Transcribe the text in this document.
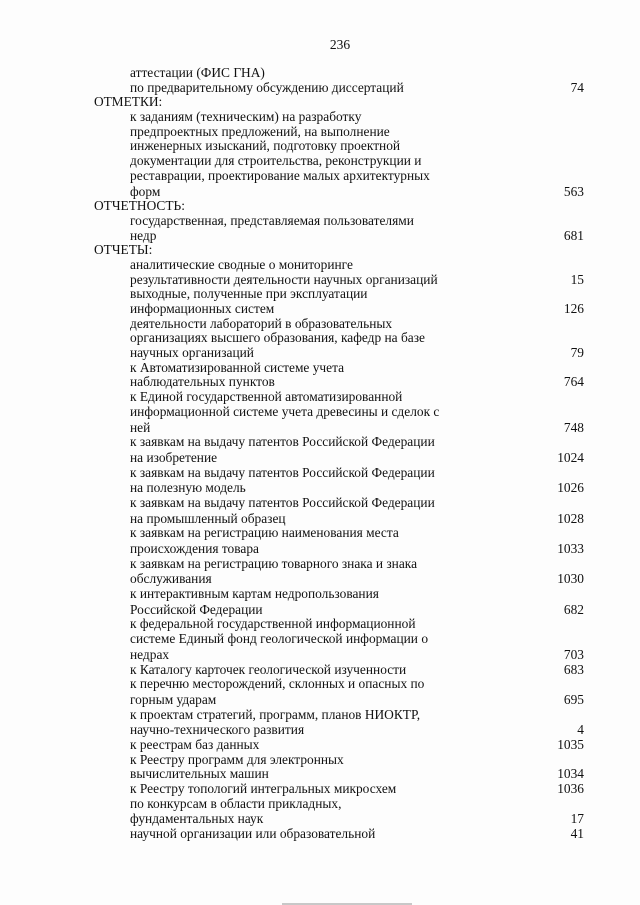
236
аттестации (ФИС ГНА)
по предварительному обсуждению диссертаций	74
ОТМЕТКИ:
к заданиям (техническим) на разработку
предпроектных предложений, на выполнение
инженерных изысканий, подготовку проектной
документации для строительства, реконструкции и
реставрации, проектирование малых архитектурных
форм	563
ОТЧЕТНОСТЬ:
государственная, представляемая пользователями
недр	681
ОТЧЕТЫ:
аналитические сводные о мониторинге
результативности деятельности научных организаций	15
выходные, полученные при эксплуатации
информационных систем	126
деятельности лабораторий в образовательных
организациях высшего образования, кафедр на базе
научных организаций	79
к Автоматизированной системе учета
наблюдательных пунктов	764
к Единой государственной автоматизированной
информационной системе учета древесины и сделок с
ней	748
к заявкам на выдачу патентов Российской Федерации
на изобретение	1024
к заявкам на выдачу патентов Российской Федерации
на полезную модель	1026
к заявкам на выдачу патентов Российской Федерации
на промышленный образец	1028
к заявкам на регистрацию наименования места
происхождения товара	1033
к заявкам на регистрацию товарного знака и знака
обслуживания	1030
к интерактивным картам недропользования
Российской Федерации	682
к федеральной государственной информационной
системе Единый фонд геологической информации о
недрах	703
к Каталогу карточек геологической изученности	683
к перечню месторождений, склонных и опасных по
горным ударам	695
к проектам стратегий, программ, планов НИОКТР,
научно-технического развития	4
к реестрам баз данных	1035
к Реестру программ для электронных
вычислительных машин	1034
к Реестру топологий интегральных микросхем	1036
по конкурсам в области прикладных,
фундаментальных наук	17
научной организации или образовательной	41
